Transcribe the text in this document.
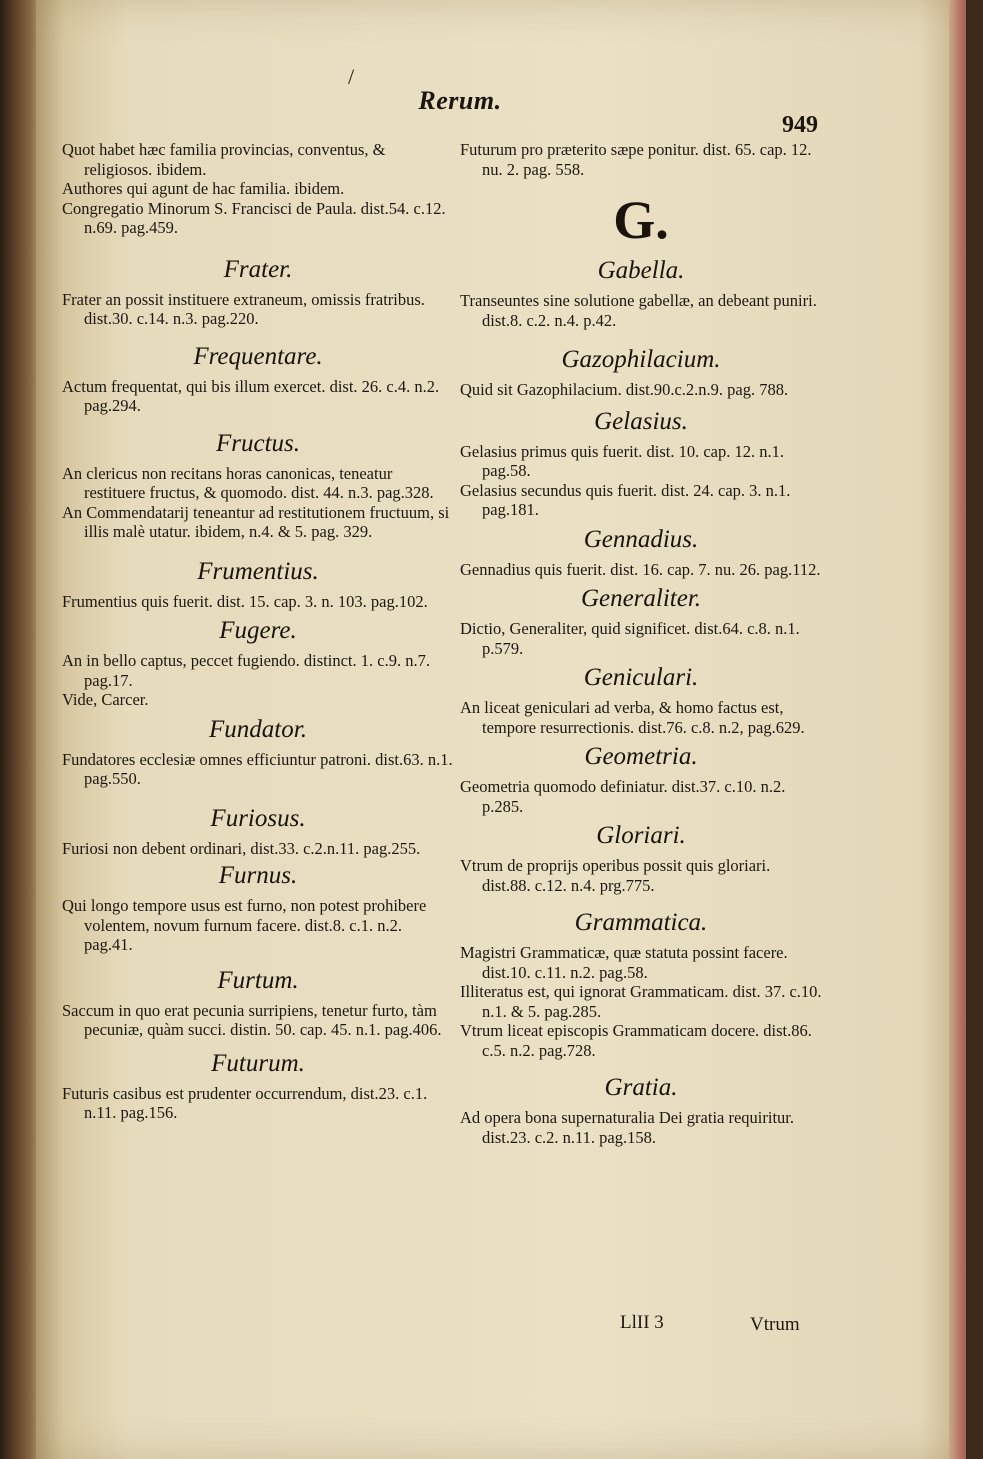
/
Rerum.
949
Quot habet hæc familia provincias, conventus, & religiosos. ibidem.
Authores qui agunt de hac familia. ibidem.
Congregatio Minorum S. Francisci de Paula. dist.54. c.12. n.69. pag.459.
Frater.
Frater an possit instituere extraneum, omissis fratribus. dist.30. c.14. n.3. pag.220.
Frequentare.
Actum frequentat, qui bis illum exercet. dist. 26. c.4. n.2. pag.294.
Fructus.
An clericus non recitans horas canonicas, teneatur restituere fructus, & quomodo. dist. 44. n.3. pag.328.
An Commendatarij teneantur ad restitutionem fructuum, si illis malè utatur. ibidem, n.4. & 5. pag. 329.
Frumentius.
Frumentius quis fuerit. dist. 15. cap. 3. n. 103. pag.102.
Fugere.
An in bello captus, peccet fugiendo. distinct. 1. c.9. n.7. pag.17.
Vide, Carcer.
Fundator.
Fundatores ecclesiæ omnes efficiuntur patroni. dist.63. n.1. pag.550.
Furiosus.
Furiosi non debent ordinari, dist.33. c.2.n.11. pag.255.
Furnus.
Qui longo tempore usus est furno, non potest prohibere volentem, novum furnum facere. dist.8. c.1. n.2. pag.41.
Furtum.
Saccum in quo erat pecunia surripiens, tenetur furto, tàm pecuniæ, quàm succi. distin. 50. cap. 45. n.1. pag.406.
Futurum.
Futuris casibus est prudenter occurrendum, dist.23. c.1. n.11. pag.156.
Futurum pro præterito sæpe ponitur. dist. 65. cap. 12. nu. 2. pag. 558.
G.
Gabella.
Transeuntes sine solutione gabellæ, an debeant puniri. dist.8. c.2. n.4. p.42.
Gazophilacium.
Quid sit Gazophilacium. dist.90.c.2.n.9. pag. 788.
Gelasius.
Gelasius primus quis fuerit. dist. 10. cap. 12. n.1. pag.58.
Gelasius secundus quis fuerit. dist. 24. cap. 3. n.1. pag.181.
Gennadius.
Gennadius quis fuerit. dist. 16. cap. 7. nu. 26. pag.112.
Generaliter.
Dictio, Generaliter, quid significet. dist.64. c.8. n.1. p.579.
Geniculari.
An liceat geniculari ad verba, & homo factus est, tempore resurrectionis. dist.76. c.8. n.2, pag.629.
Geometria.
Geometria quomodo definiatur. dist.37. c.10. n.2. p.285.
Gloriari.
Vtrum de proprijs operibus possit quis gloriari. dist.88. c.12. n.4. prg.775.
Grammatica.
Magistri Grammaticæ, quæ statuta possint facere. dist.10. c.11. n.2. pag.58.
Illiteratus est, qui ignorat Grammaticam. dist. 37. c.10. n.1. & 5. pag.285.
Vtrum liceat episcopis Grammaticam docere. dist.86. c.5. n.2. pag.728.
Gratia.
Ad opera bona supernaturalia Dei gratia requiritur. dist.23. c.2. n.11. pag.158.
LlII 3	Vtrum
